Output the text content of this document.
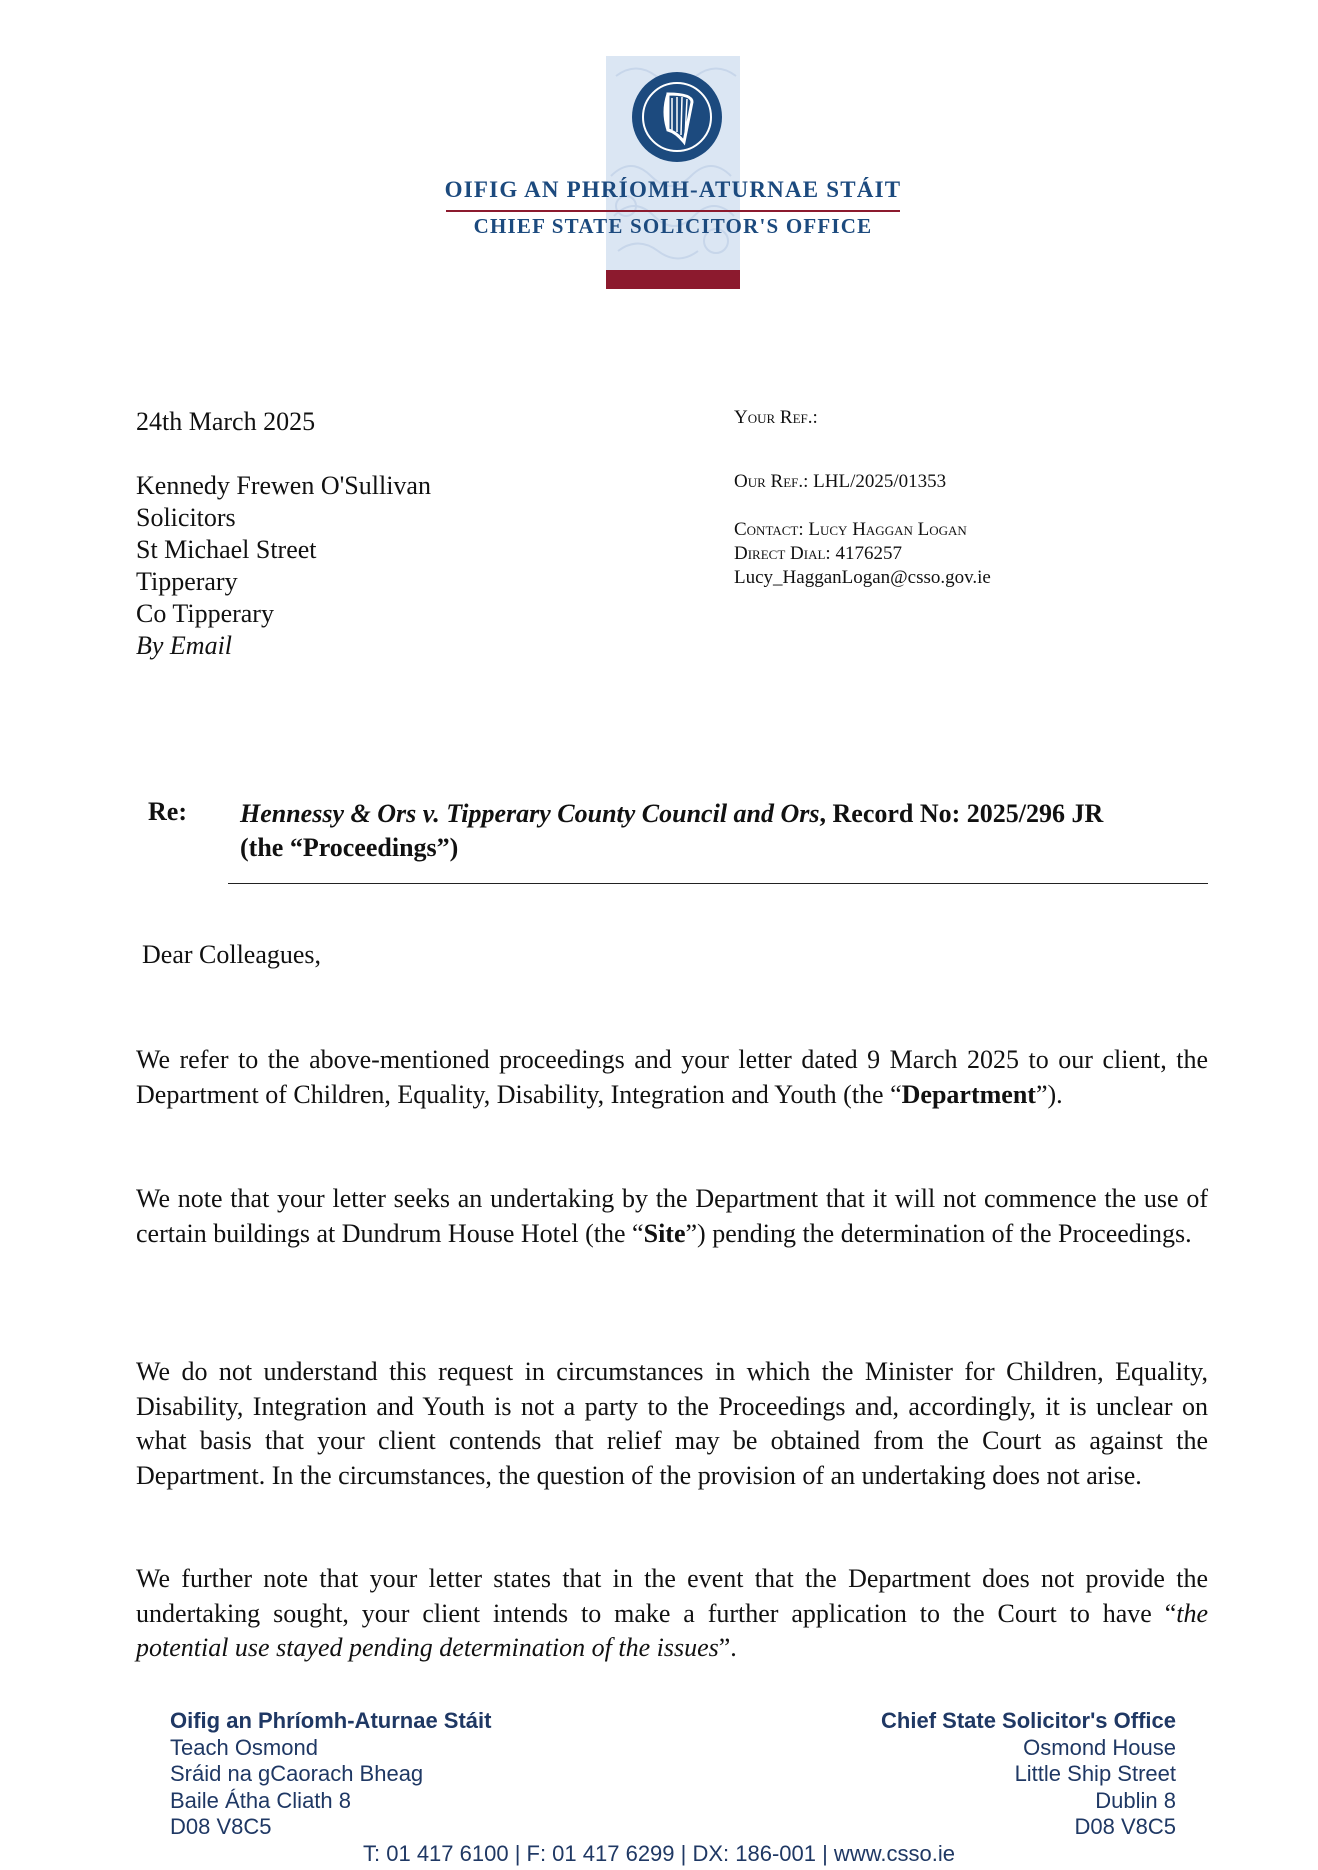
OIFIG AN PHRÍOMH-ATURNAE STÁIT
CHIEF STATE SOLICITOR'S OFFICE
24th March 2025
Kennedy Frewen O'Sullivan
Solicitors
St Michael Street
Tipperary
Co Tipperary
By Email
Your Ref.:
Our Ref.: LHL/2025/01353
Contact: Lucy Haggan Logan
Direct Dial: 4176257
Lucy_HagganLogan@csso.gov.ie
Re: Hennessy & Ors v. Tipperary County Council and Ors, Record No: 2025/296 JR
(the “Proceedings”)
Dear Colleagues,
We refer to the above-mentioned proceedings and your letter dated 9 March 2025 to our client, the Department of Children, Equality, Disability, Integration and Youth (the “Department”).
We note that your letter seeks an undertaking by the Department that it will not commence the use of certain buildings at Dundrum House Hotel (the “Site”) pending the determination of the Proceedings.
We do not understand this request in circumstances in which the Minister for Children, Equality, Disability, Integration and Youth is not a party to the Proceedings and, accordingly, it is unclear on what basis that your client contends that relief may be obtained from the Court as against the Department. In the circumstances, the question of the provision of an undertaking does not arise.
We further note that your letter states that in the event that the Department does not provide the undertaking sought, your client intends to make a further application to the Court to have “the potential use stayed pending determination of the issues”.
Oifig an Phríomh-Aturnae Stáit
Teach Osmond
Sráid na gCaorach Bheag
Baile Átha Cliath 8
D08 V8C5
Chief State Solicitor's Office
Osmond House
Little Ship Street
Dublin 8
D08 V8C5
T: 01 417 6100 | F: 01 417 6299 | DX: 186-001 | www.csso.ie
